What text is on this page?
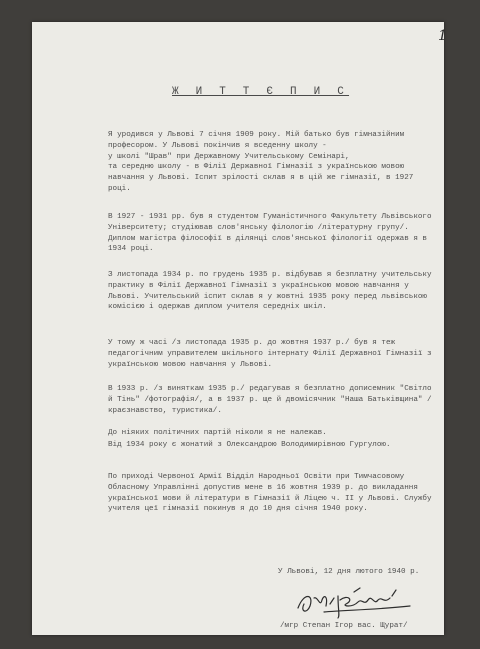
1
Ж И Т Т Є П И С

Я уродився у Львові 7 січня 1909 року. Мій батько був гімназійним професором. У Львові покінчив я вседенну школу -
у школі "Шрав" при Державному Учительському Семінарі,
та середню школу - в Філії Державної Гімназії з українською мовою навчання у Львові. Іспит зрілості склав я в цій же гімназії, в 1927 році.

В 1927 - 1931 рр. був я студентом Гуманістичного Факультету Львівського Університету; студіював слов'янську філологію /літературну групу/. Диплом магістра філософії в ділянці слов'янської філології одержав я в 1934 році.

З листопада 1934 р. по грудень 1935 р. відбував я безплатну учительську практику в Філії Державної Гімназії з українською мовою навчання у Львові. Учительський іспит склав я у жовтні 1935 року перед львівською комісією і одержав диплом учителя середніх шкіл.

У тому ж часі /з листопада 1935 р. до жовтня 1937 р./ був я теж педагогічним управителем шкільного інтернату Філії Державної Гімназії з українською мовою навчання у Львові.

В 1933 р. /з виняткам 1935 р./ редагував я безплатно дописемник "Світло й Тінь" /фотографія/, а в 1937 р. ще й двомісячник "Наша Батьківщина" /краєзнавство, туристика/.

До ніяких політичних партій ніколи я не належав.

Від 1934 року є жонатий з Олександрою Володимирівною Гургулою.

По приході Червоної Армії Відділ Народньої Освіти при Тимчасовому Обласному Управлінні допустив мене в 16 жовтня 1939 р. до викладання української мови й літератури в Гімназії й Ліцею ч. ІІ у Львові. Службу учителя цеї гімназії покинув я до 10 дня січня 1940 року.

У Львові, 12 дня лютого 1940 р.
/мгр Степан Ігор вас. Щурат/
